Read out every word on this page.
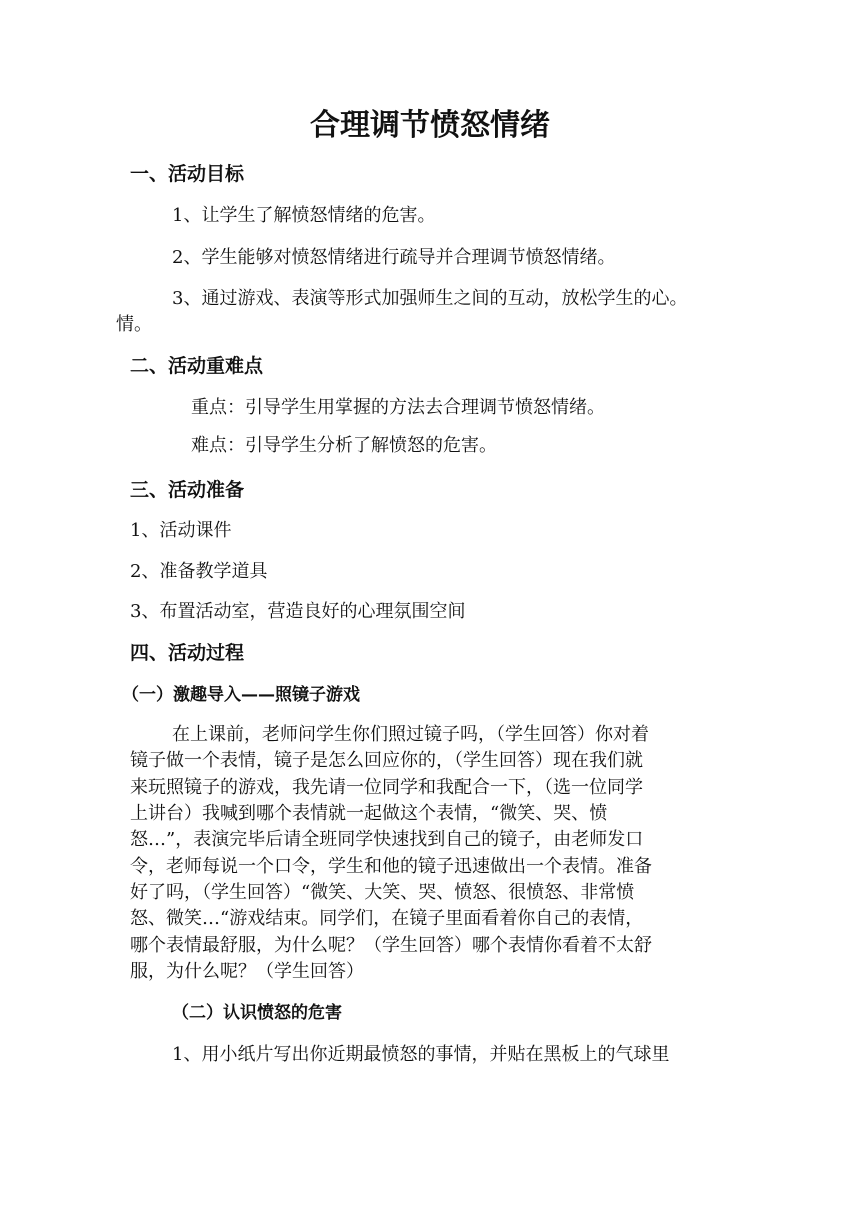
合理调节愤怒情绪
一、活动目标
1、让学生了解愤怒情绪的危害。
2、学生能够对愤怒情绪进行疏导并合理调节愤怒情绪。
3、通过游戏、表演等形式加强师生之间的互动，放松学生的心。
情。
二、活动重难点
重点：引导学生用掌握的方法去合理调节愤怒情绪。
难点：引导学生分析了解愤怒的危害。
三、活动准备
1、活动课件
2、准备教学道具
3、布置活动室，营造良好的心理氛围空间
四、活动过程
（一）激趣导入——照镜子游戏
在上课前，老师问学生你们照过镜子吗，（学生回答）你对着
镜子做一个表情，镜子是怎么回应你的，（学生回答）现在我们就
来玩照镜子的游戏，我先请一位同学和我配合一下，（选一位同学
上讲台）我喊到哪个表情就一起做这个表情，“微笑、哭、愤
怒…”，表演完毕后请全班同学快速找到自己的镜子，由老师发口
令，老师每说一个口令，学生和他的镜子迅速做出一个表情。准备
好了吗，（学生回答）“微笑、大笑、哭、愤怒、很愤怒、非常愤
怒、微笑…“游戏结束。同学们，在镜子里面看着你自己的表情，
哪个表情最舒服，为什么呢？（学生回答）哪个表情你看着不太舒
服，为什么呢？（学生回答）
（二）认识愤怒的危害
1、用小纸片写出你近期最愤怒的事情，并贴在黑板上的气球里
